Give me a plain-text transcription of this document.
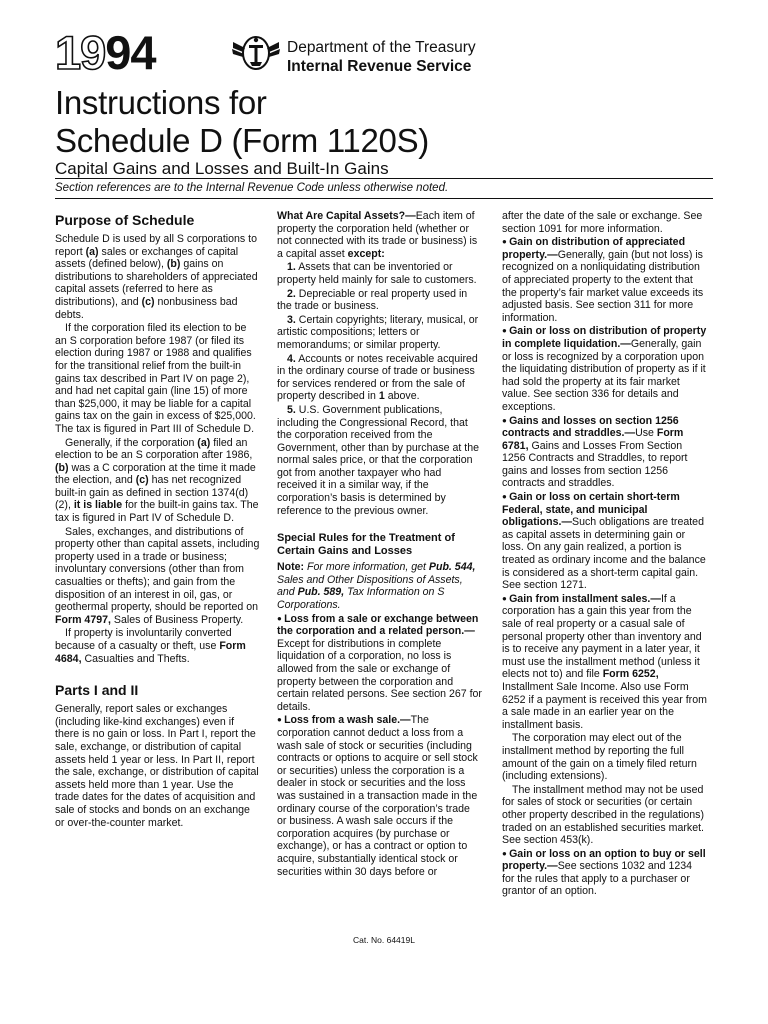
1994	Department of the Treasury
Internal Revenue Service
Instructions for
Schedule D (Form 1120S)
Capital Gains and Losses and Built-In Gains
Section references are to the Internal Revenue Code unless otherwise noted.
Purpose of Schedule

Schedule D is used by all S corporations to report (a) sales or exchanges of capital assets (defined below), (b) gains on distributions to shareholders of appreciated capital assets (referred to here as distributions), and (c) nonbusiness bad debts.

If the corporation filed its election to be an S corporation before 1987 (or filed its election during 1987 or 1988 and qualifies for the transitional relief from the built-in gains tax described in Part IV on page 2), and had net capital gain (line 15) of more than $25,000, it may be liable for a capital gains tax on the gain in excess of $25,000. The tax is figured in Part III of Schedule D.

Generally, if the corporation (a) filed an election to be an S corporation after 1986, (b) was a C corporation at the time it made the election, and (c) has net recognized built-in gain as defined in section 1374(d)(2), it is liable for the built-in gains tax. The tax is figured in Part IV of Schedule D.

Sales, exchanges, and distributions of property other than capital assets, including property used in a trade or business; involuntary conversions (other than from casualties or thefts); and gain from the disposition of an interest in oil, gas, or geothermal property, should be reported on Form 4797, Sales of Business Property.

If property is involuntarily converted because of a casualty or theft, use Form 4684, Casualties and Thefts.

Parts I and II

Generally, report sales or exchanges (including like-kind exchanges) even if there is no gain or loss. In Part I, report the sale, exchange, or distribution of capital assets held 1 year or less. In Part II, report the sale, exchange, or distribution of capital assets held more than 1 year. Use the trade dates for the dates of acquisition and sale of stocks and bonds on an exchange or over-the-counter market.

What Are Capital Assets?—Each item of property the corporation held (whether or not connected with its trade or business) is a capital asset except:

1. Assets that can be inventoried or property held mainly for sale to customers.

2. Depreciable or real property used in the trade or business.

3. Certain copyrights; literary, musical, or artistic compositions; letters or memorandums; or similar property.

4. Accounts or notes receivable acquired in the ordinary course of trade or business for services rendered or from the sale of property described in 1 above.

5. U.S. Government publications, including the Congressional Record, that the corporation received from the Government, other than by purchase at the normal sales price, or that the corporation got from another taxpayer who had received it in a similar way, if the corporation’s basis is determined by reference to the previous owner.

Special Rules for the Treatment of Certain Gains and Losses

Note: For more information, get Pub. 544, Sales and Other Dispositions of Assets, and Pub. 589, Tax Information on S Corporations.

● Loss from a sale or exchange between the corporation and a related person.—Except for distributions in complete liquidation of a corporation, no loss is allowed from the sale or exchange of property between the corporation and certain related persons. See section 267 for details.

● Loss from a wash sale.—The corporation cannot deduct a loss from a wash sale of stock or securities (including contracts or options to acquire or sell stock or securities) unless the corporation is a dealer in stock or securities and the loss was sustained in a transaction made in the ordinary course of the corporation’s trade or business. A wash sale occurs if the corporation acquires (by purchase or exchange), or has a contract or option to acquire, substantially identical stock or securities within 30 days before or

after the date of the sale or exchange. See section 1091 for more information.

● Gain on distribution of appreciated property.—Generally, gain (but not loss) is recognized on a nonliquidating distribution of appreciated property to the extent that the property’s fair market value exceeds its adjusted basis. See section 311 for more information.

● Gain or loss on distribution of property in complete liquidation.—Generally, gain or loss is recognized by a corporation upon the liquidating distribution of property as if it had sold the property at its fair market value. See section 336 for details and exceptions.

● Gains and losses on section 1256 contracts and straddles.—Use Form 6781, Gains and Losses From Section 1256 Contracts and Straddles, to report gains and losses from section 1256 contracts and straddles.

● Gain or loss on certain short-term Federal, state, and municipal obligations.—Such obligations are treated as capital assets in determining gain or loss. On any gain realized, a portion is treated as ordinary income and the balance is considered as a short-term capital gain. See section 1271.

● Gain from installment sales.—If a corporation has a gain this year from the sale of real property or a casual sale of personal property other than inventory and is to receive any payment in a later year, it must use the installment method (unless it elects not to) and file Form 6252, Installment Sale Income. Also use Form 6252 if a payment is received this year from a sale made in an earlier year on the installment basis.

The corporation may elect out of the installment method by reporting the full amount of the gain on a timely filed return (including extensions).

The installment method may not be used for sales of stock or securities (or certain other property described in the regulations) traded on an established securities market. See section 453(k).

● Gain or loss on an option to buy or sell property.—See sections 1032 and 1234 for the rules that apply to a purchaser or grantor of an option.

Cat. No. 64419L
